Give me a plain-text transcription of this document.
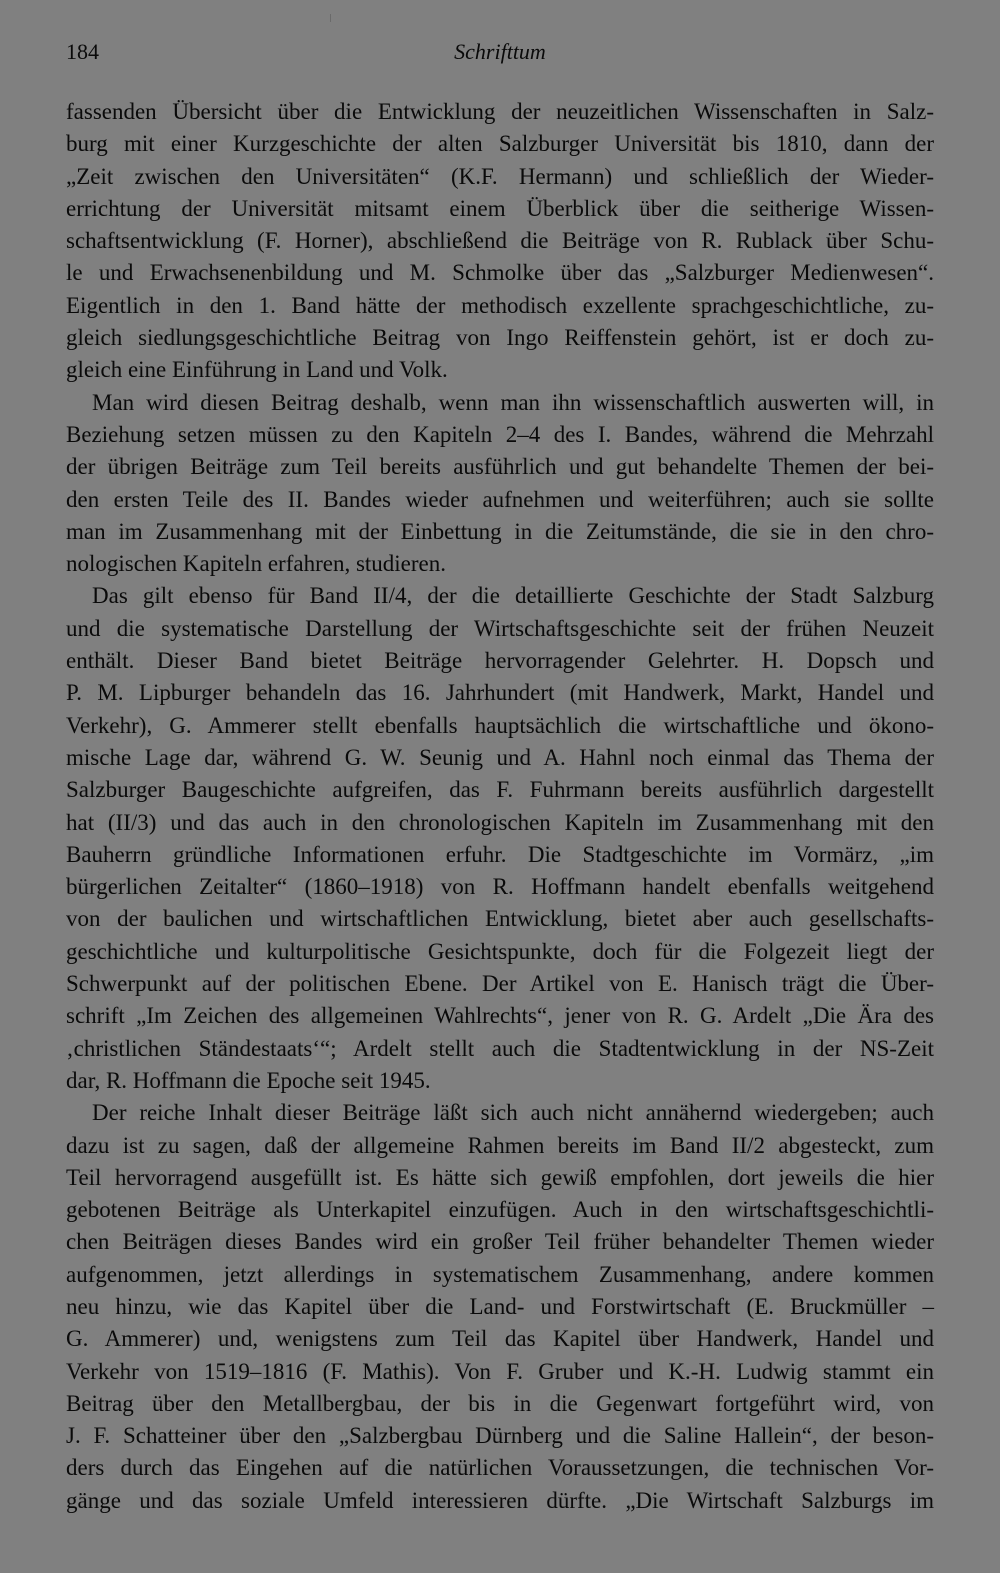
184	Schrifttum
fassenden Übersicht über die Entwicklung der neuzeitlichen Wissenschaften in Salz-
burg mit einer Kurzgeschichte der alten Salzburger Universität bis 1810, dann der
„Zeit zwischen den Universitäten“ (K.F. Hermann) und schließlich der Wieder-
errichtung der Universität mitsamt einem Überblick über die seitherige Wissen-
schaftsentwicklung (F. Horner), abschließend die Beiträge von R. Rublack über Schu-
le und Erwachsenenbildung und M. Schmolke über das „Salzburger Medienwesen“.
Eigentlich in den 1. Band hätte der methodisch exzellente sprachgeschichtliche, zu-
gleich siedlungsgeschichtliche Beitrag von Ingo Reiffenstein gehört, ist er doch zu-
gleich eine Einführung in Land und Volk.
Man wird diesen Beitrag deshalb, wenn man ihn wissenschaftlich auswerten will, in
Beziehung setzen müssen zu den Kapiteln 2–4 des I. Bandes, während die Mehrzahl
der übrigen Beiträge zum Teil bereits ausführlich und gut behandelte Themen der bei-
den ersten Teile des II. Bandes wieder aufnehmen und weiterführen; auch sie sollte
man im Zusammenhang mit der Einbettung in die Zeitumstände, die sie in den chro-
nologischen Kapiteln erfahren, studieren.
Das gilt ebenso für Band II/4, der die detaillierte Geschichte der Stadt Salzburg
und die systematische Darstellung der Wirtschaftsgeschichte seit der frühen Neuzeit
enthält. Dieser Band bietet Beiträge hervorragender Gelehrter. H. Dopsch und
P. M. Lipburger behandeln das 16. Jahrhundert (mit Handwerk, Markt, Handel und
Verkehr), G. Ammerer stellt ebenfalls hauptsächlich die wirtschaftliche und ökono-
mische Lage dar, während G. W. Seunig und A. Hahnl noch einmal das Thema der
Salzburger Baugeschichte aufgreifen, das F. Fuhrmann bereits ausführlich dargestellt
hat (II/3) und das auch in den chronologischen Kapiteln im Zusammenhang mit den
Bauherrn gründliche Informationen erfuhr. Die Stadtgeschichte im Vormärz, „im
bürgerlichen Zeitalter“ (1860–1918) von R. Hoffmann handelt ebenfalls weitgehend
von der baulichen und wirtschaftlichen Entwicklung, bietet aber auch gesellschafts-
geschichtliche und kulturpolitische Gesichtspunkte, doch für die Folgezeit liegt der
Schwerpunkt auf der politischen Ebene. Der Artikel von E. Hanisch trägt die Über-
schrift „Im Zeichen des allgemeinen Wahlrechts“, jener von R. G. Ardelt „Die Ära des
‚christlichen Ständestaats‘“; Ardelt stellt auch die Stadtentwicklung in der NS-Zeit
dar, R. Hoffmann die Epoche seit 1945.
Der reiche Inhalt dieser Beiträge läßt sich auch nicht annähernd wiedergeben; auch
dazu ist zu sagen, daß der allgemeine Rahmen bereits im Band II/2 abgesteckt, zum
Teil hervorragend ausgefüllt ist. Es hätte sich gewiß empfohlen, dort jeweils die hier
gebotenen Beiträge als Unterkapitel einzufügen. Auch in den wirtschaftsgeschichtli-
chen Beiträgen dieses Bandes wird ein großer Teil früher behandelter Themen wieder
aufgenommen, jetzt allerdings in systematischem Zusammenhang, andere kommen
neu hinzu, wie das Kapitel über die Land- und Forstwirtschaft (E. Bruckmüller –
G. Ammerer) und, wenigstens zum Teil das Kapitel über Handwerk, Handel und
Verkehr von 1519–1816 (F. Mathis). Von F. Gruber und K.-H. Ludwig stammt ein
Beitrag über den Metallbergbau, der bis in die Gegenwart fortgeführt wird, von
J. F. Schatteiner über den „Salzbergbau Dürnberg und die Saline Hallein“, der beson-
ders durch das Eingehen auf die natürlichen Voraussetzungen, die technischen Vor-
gänge und das soziale Umfeld interessieren dürfte. „Die Wirtschaft Salzburgs im
